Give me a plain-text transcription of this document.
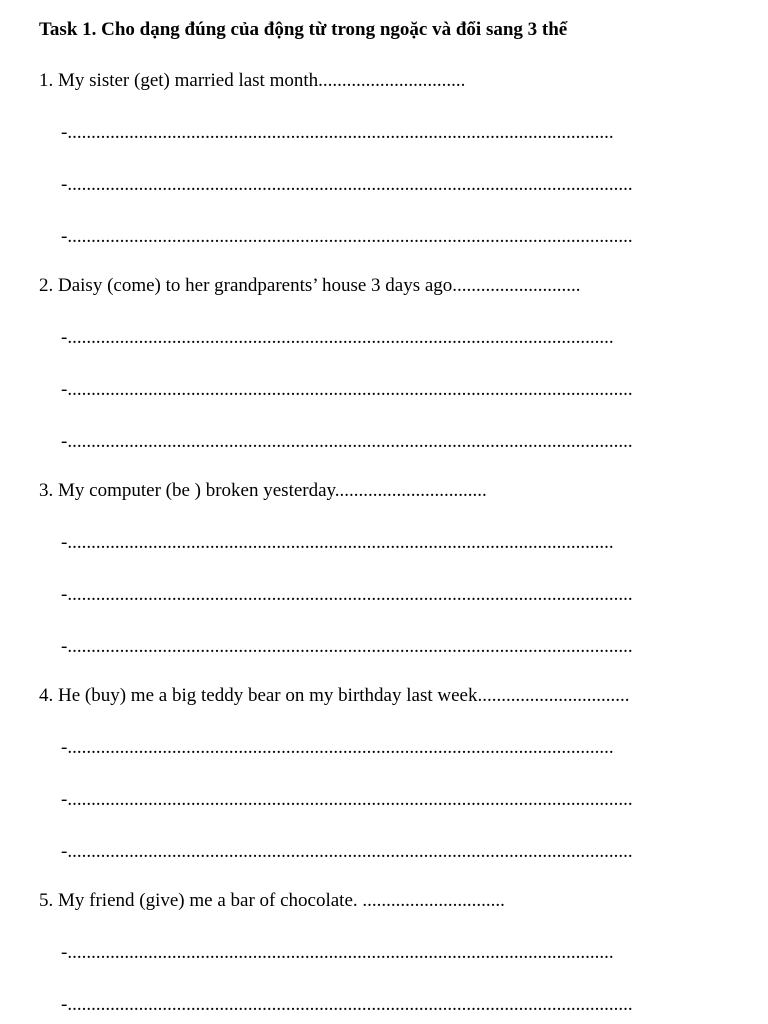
Task 1. Cho dạng đúng của động từ trong ngoặc và đổi sang 3 thể
1. My sister (get) married last month...............................
-...................................................................................................................
-.......................................................................................................................
-.......................................................................................................................
2. Daisy (come) to her grandparents’ house 3 days ago...........................
-...................................................................................................................
-.......................................................................................................................
-.......................................................................................................................
3. My computer (be ) broken yesterday................................
-...................................................................................................................
-.......................................................................................................................
-.......................................................................................................................
4. He (buy) me a big teddy bear on my birthday last week................................
-...................................................................................................................
-.......................................................................................................................
-.......................................................................................................................
5. My friend (give) me a bar of chocolate. ..............................
-...................................................................................................................
-.......................................................................................................................
